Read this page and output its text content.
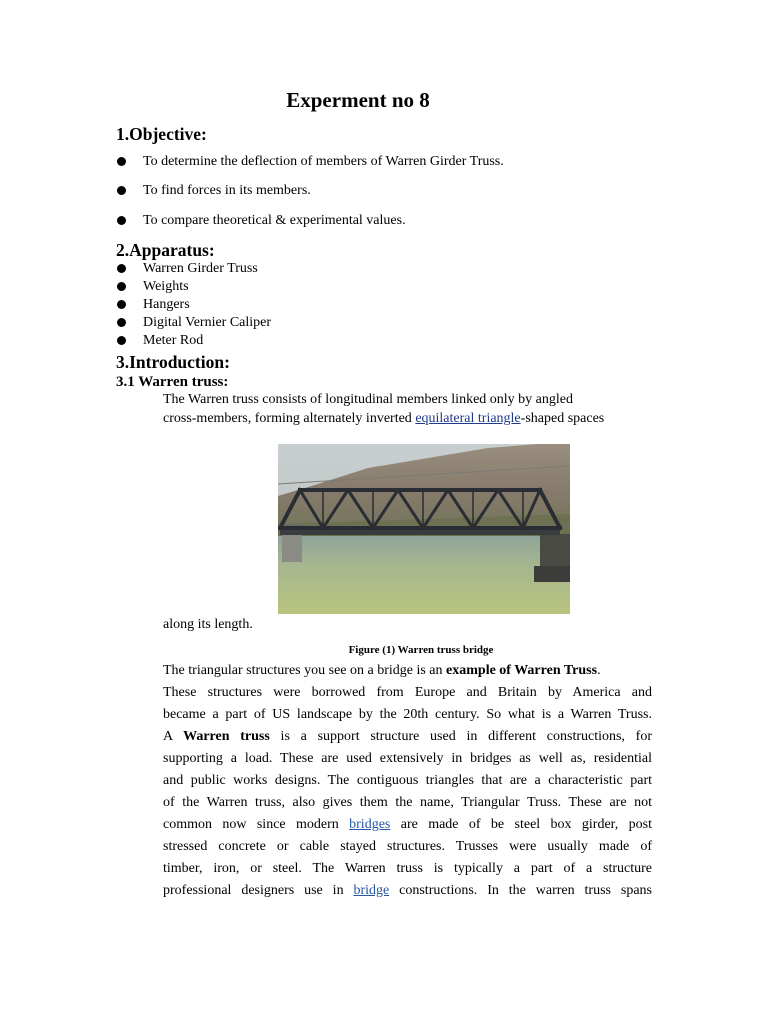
Experment no 8
1.Objective:
To determine the deflection of members of Warren Girder Truss.
To find forces in its members.
To compare theoretical & experimental values.
2.Apparatus:
Warren Girder Truss
Weights
Hangers
Digital Vernier Caliper
Meter Rod
3.Introduction:
3.1 Warren truss:
The Warren truss consists of longitudinal members linked only by angled
cross-members, forming alternately inverted equilateral triangle-shaped spaces
along its length.
Figure (1) Warren truss bridge
The triangular structures you see on a bridge is an example of Warren Truss.
These structures were borrowed from Europe and Britain by America and
became a part of US landscape by the 20th century. So what is a Warren Truss.
A Warren truss is a support structure used in different constructions, for
supporting a load. These are used extensively in bridges as well as, residential
and public works designs. The contiguous triangles that are a characteristic part
of the Warren truss, also gives them the name, Triangular Truss. These are not
common now since modern bridges are made of be steel box girder, post
stressed concrete or cable stayed structures. Trusses were usually made of
timber, iron, or steel. The Warren truss is typically a part of a structure
professional designers use in bridge constructions. In the warren truss spans
